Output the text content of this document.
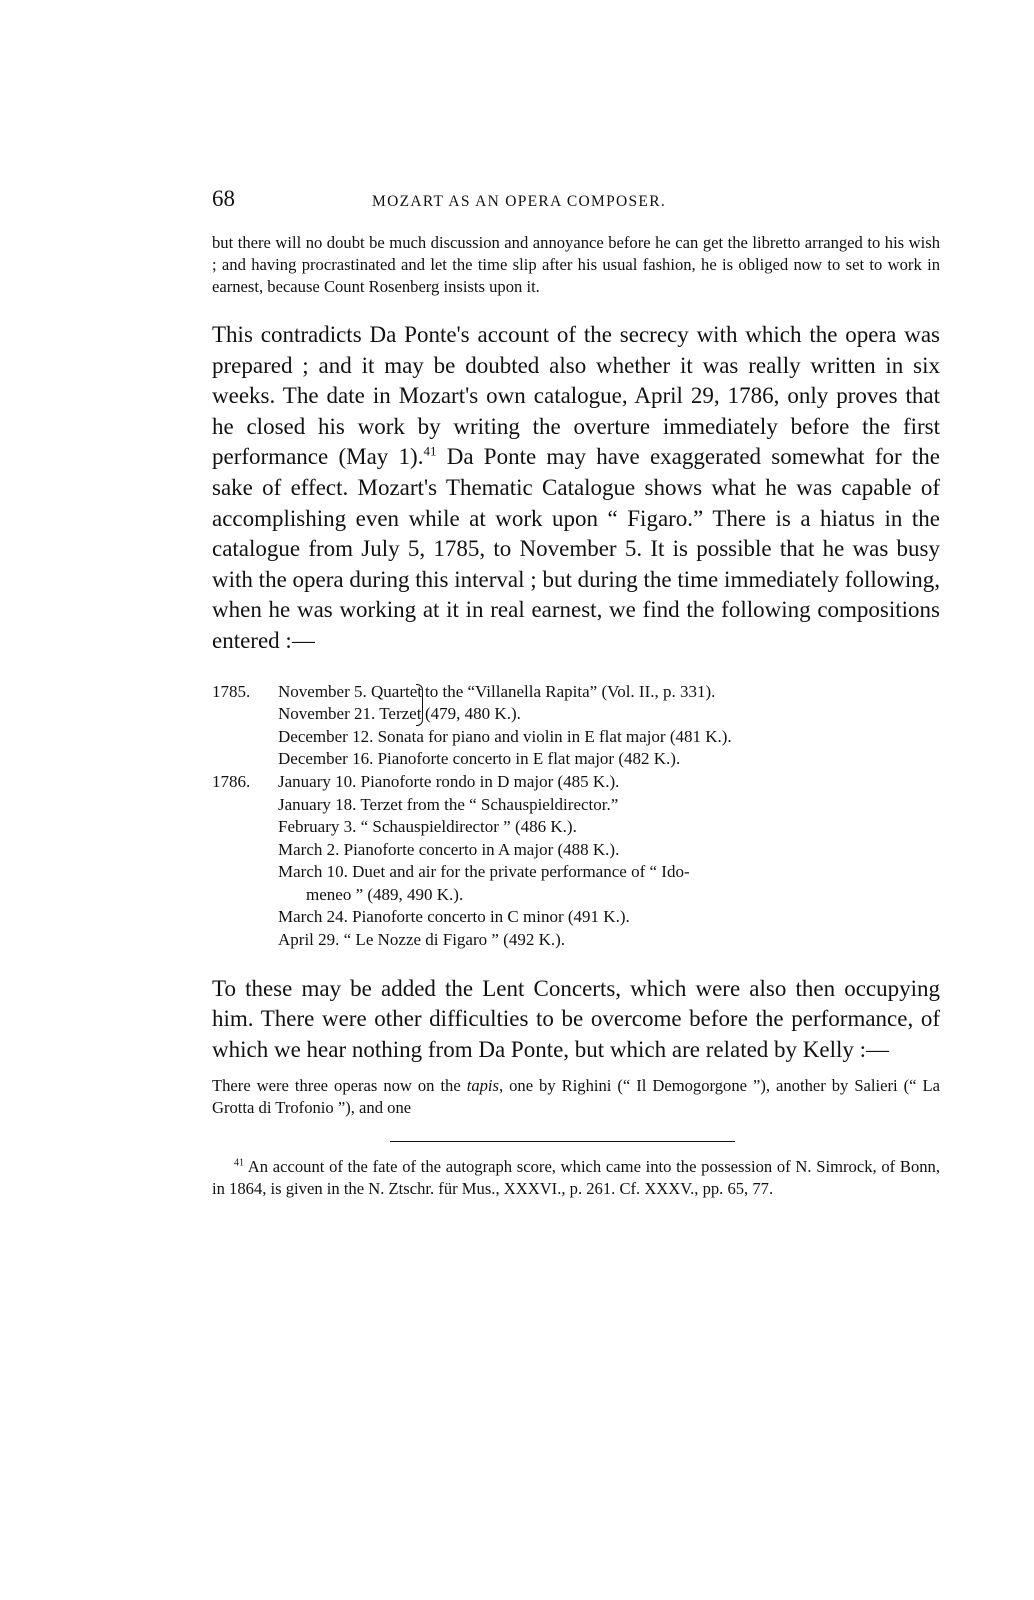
68	MOZART AS AN OPERA COMPOSER.

but there will no doubt be much discussion and annoyance before he can get the libretto arranged to his wish ; and having procrastinated and let the time slip after his usual fashion, he is obliged now to set to work in earnest, because Count Rosenberg insists upon it.

This contradicts Da Ponte's account of the secrecy with which the opera was prepared ; and it may be doubted also whether it was really written in six weeks. The date in Mozart's own catalogue, April 29, 1786, only proves that he closed his work by writing the overture immediately before the first performance (May 1).$^{41}$ Da Ponte may have exaggerated somewhat for the sake of effect. Mozart's Thematic Catalogue shows what he was capable of accomplishing even while at work upon “ Figaro.” There is a hiatus in the catalogue from July 5, 1785, to November 5. It is possible that he was busy with the opera during this interval ; but during the time immediately following, when he was working at it in real earnest, we find the following compositions entered :—

1785. November 5. Quartet
November 21. Terzet
to the “Villanella Rapita” (Vol. II., p. 331).
(479, 480 K.).
December 12. Sonata for piano and violin in E flat major (481 K.).
December 16. Pianoforte concerto in E flat major (482 K.).
1786. January 10. Pianoforte rondo in D major (485 K.).
January 18. Terzet from the “ Schauspieldirector.”
February 3. “ Schauspieldirector ” (486 K.).
March 2. Pianoforte concerto in A major (488 K.).
March 10. Duet and air for the private performance of “ Ido-
meneo ” (489, 490 K.).
March 24. Pianoforte concerto in C minor (491 K.).
April 29. “ Le Nozze di Figaro ” (492 K.).

To these may be added the Lent Concerts, which were also then occupying him. There were other difficulties to be overcome before the performance, of which we hear nothing from Da Ponte, but which are related by Kelly :—

There were three operas now on the tapis, one by Righini (“ Il Demogorgone ”), another by Salieri (“ La Grotta di Trofonio ”), and one

$^{41}$ An account of the fate of the autograph score, which came into the possession of N. Simrock, of Bonn, in 1864, is given in the N. Ztschr. für Mus., XXXVI., p. 261. Cf. XXXV., pp. 65, 77.
